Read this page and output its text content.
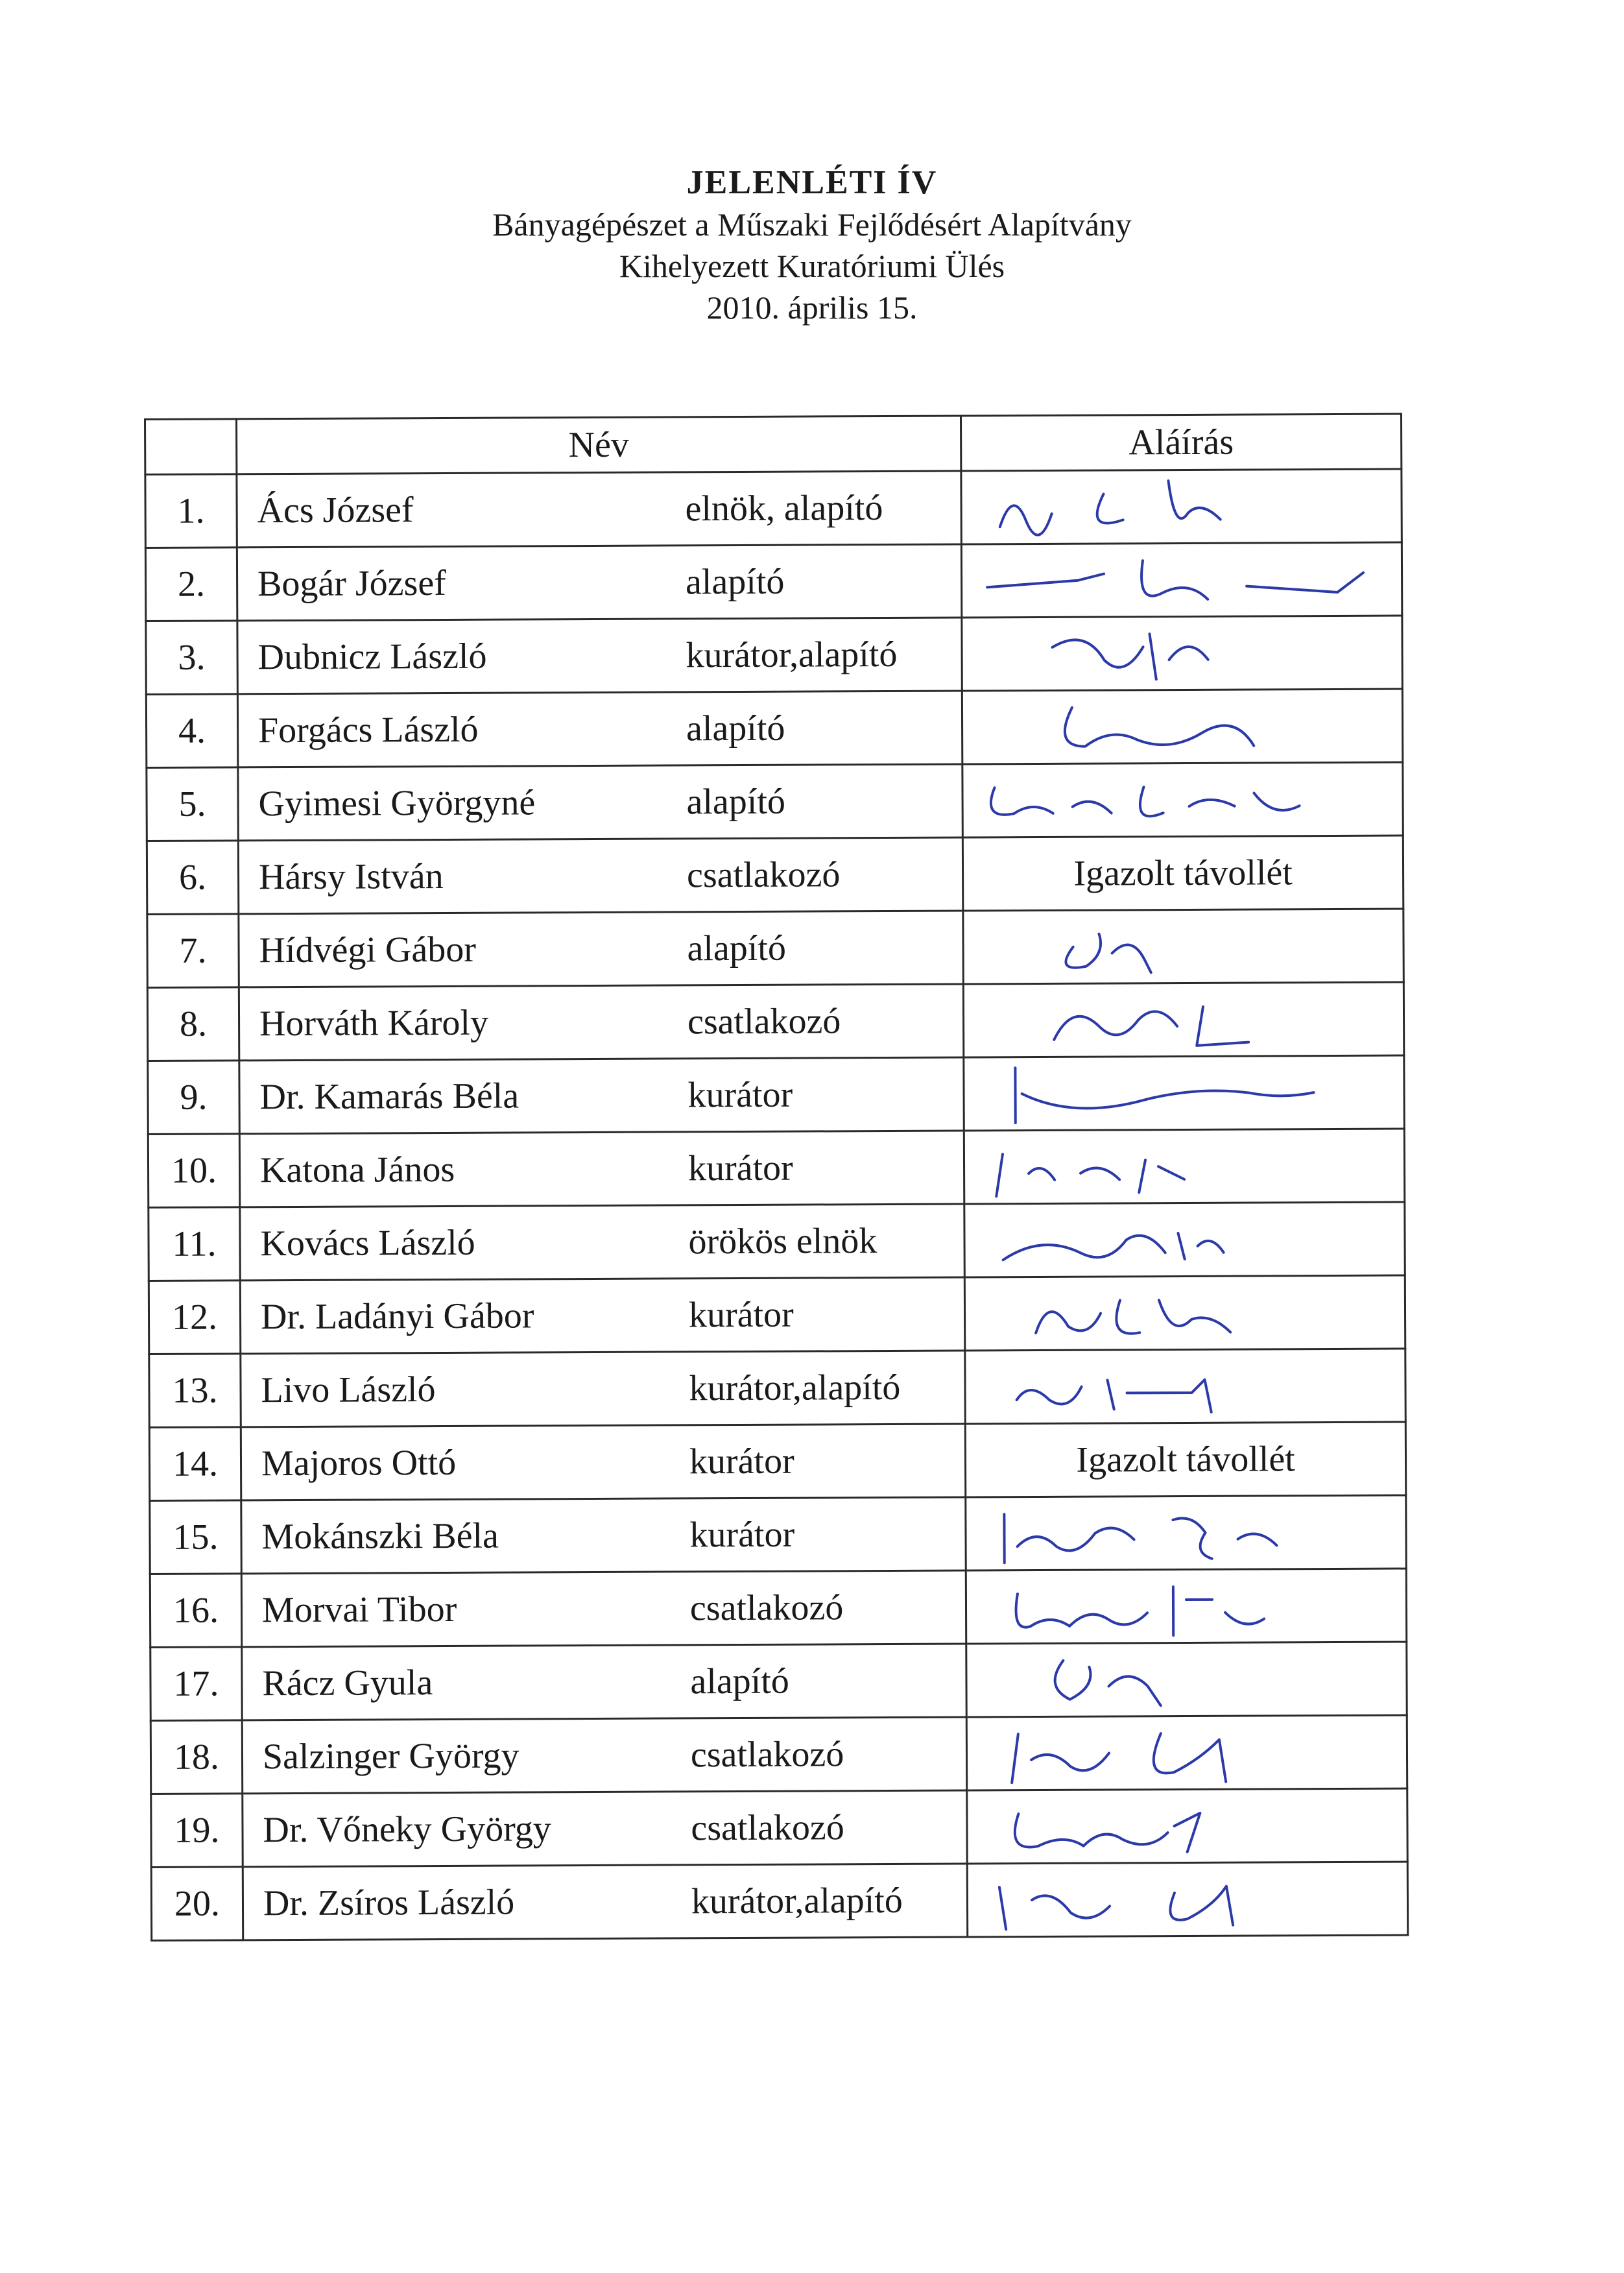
JELENLÉTI ÍV
Bányagépészet a Műszaki Fejlődésért Alapítvány
Kihelyezett Kuratóriumi Ülés
2010. április 15.
	Név	Aláírás
1.	Ács József elnök, alapító

2.	Bogár József alapító

3.	Dubnicz László kurátor,alapító

4.	Forgács László alapító

5.	Gyimesi Györgyné alapító

6.	Hársy István csatlakozó	Igazolt távollét
7.	Hídvégi Gábor alapító

8.	Horváth Károly csatlakozó

9.	Dr. Kamarás Béla kurátor

10.	Katona János kurátor

11.	Kovács László örökös elnök

12.	Dr. Ladányi Gábor kurátor

13.	Livo László kurátor,alapító

14.	Majoros Ottó kurátor	Igazolt távollét
15.	Mokánszki Béla kurátor

16.	Morvai Tibor csatlakozó

17.	Rácz Gyula alapító

18.	Salzinger György csatlakozó

19.	Dr. Vőneky György csatlakozó

20.	Dr. Zsíros László kurátor,alapító
